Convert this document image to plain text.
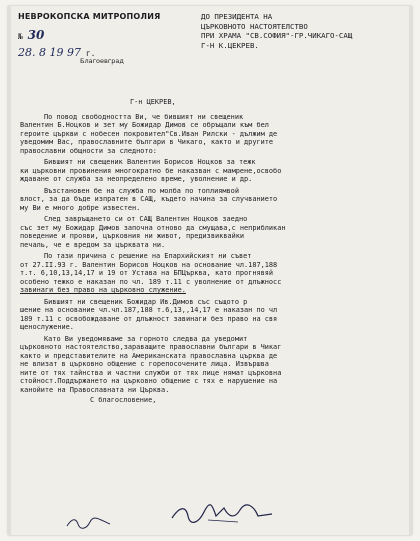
НЕВРОКОПСКА МИТРОПОЛИЯ
№ 30
28. 8 19 97 г.
Благоевград
ДО ПРЕЗИДЕНТА НА
ЦЪРКОВНОТО НАСТОЯТЕЛСТВО
ПРИ ХРАМА "СВ.СОФИЯ"-ГР.ЧИКАГО-САЩ
Г-Н К.ЦЕКРЕВ.
Г-н ЦЕКРЕВ,
По повод свободността Ви, че бившият ни свещеник
Валентин Б.Ноцков и зет му Божидар Димов се обръщали към бел
героите църкви с нобесен покровител"Св.Иван Рилски - дължим де
уведомим Вас, православните българи в Чикаго, както и другите
православни общности за следното:
Бившият ни свещеник Валентин Борисов Ноцков за тежк
ки църковни провинения многократно бе наказван с мамрене,освобо
ждаване от служба за неопределено време, уволнение и др.
Възстановен бе на служба по молба по топлиямвой
влост, за да бъде изпратен в САЩ, където начина за случванието
му Ви е много добре известен.
След завръщането си от САЩ Валентин Ноцков заедно
със зет му Божидар Димов започна отново да смущава,с неприбликан
поведение и прояви, църковния ни живот, предизвиквайки
печаль, че е вредом за църквата ни.
По тази причина с решение на Епархийският ни съвет
от 27.II.93 г. Валентин Борисов Ноцков на основание чл.187,188
т.т. 6,10,13,14,17 и 19 от Устава на БПЦърква, като прогнявяй
особено тежко е наказан по чл. 189 т.11 с уволнение от длъжносс
завинаги без право на църковно служение.
Бившият ни свещеник Божидар Ив.Димов със същото р
шение на основание чл.чл.187,188 т.6,13,,14,17 е наказан по чл
189 т.11 с освобождаване от длъжност завинаги без право на свя
щенослужение.
Като Ви уведомяваме за горното следва да уведомит
църковното настоятелство,зараващите православни българи в Чикаг
както и представителите на Американската православна църква де
не влизат в църковно общение с горепосочените лица. Извършва
ните от тях тайнства и частни служби от тях лице нямат църковна
стойност.Поддържането на църковно общение с тях е нарушение на
канойите на Православната ни Църква.
С благословение,
